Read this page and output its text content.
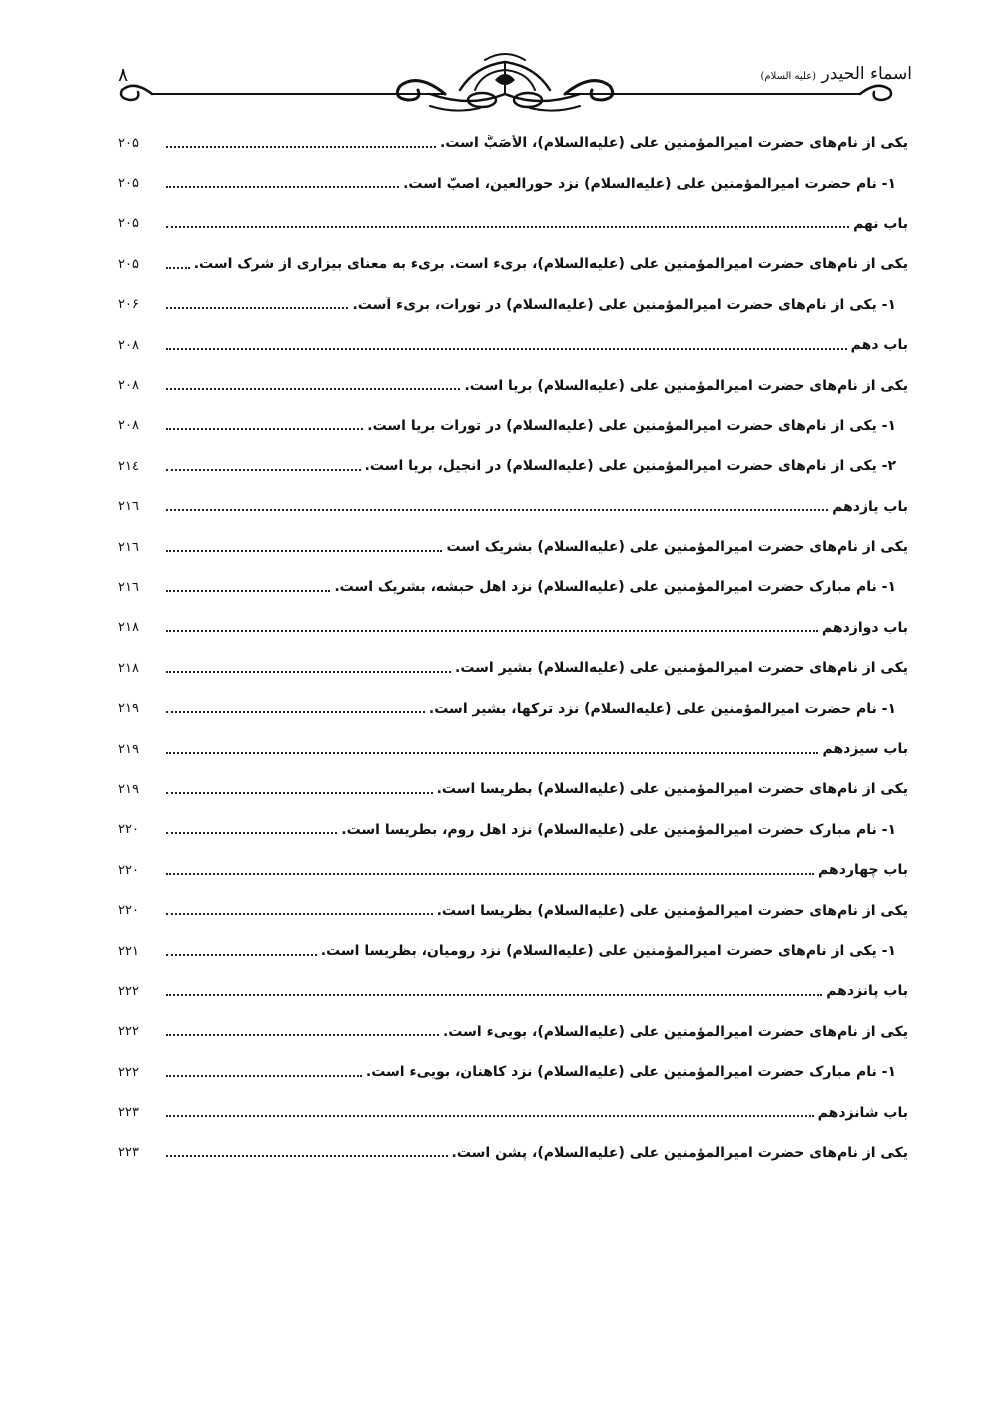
۸	اسماء الحیدر (علیه السلام)
۲۰۵	یکی از نام‌های حضرت امیرالمؤمنین علی (علیه‌السلام)، الأصَبُّ است.
۲۰۵	۱- نام حضرت امیرالمؤمنین علی (علیه‌السلام) نزد حورالعین، اصبّ است.
۲۰۵	باب نهم
۲۰۵	یکی از نام‌های حضرت امیرالمؤمنین علی (علیه‌السلام)، بریء است. بریء به معنای بیزاری از شرک است.
۲۰۶	۱- یکی از نام‌های حضرت امیرالمؤمنین علی (علیه‌السلام) در تورات، بریء آست.
۲۰۸	باب دهم
۲۰۸	یکی از نام‌های حضرت امیرالمؤمنین علی (علیه‌السلام) بریا است.
۲۰۸	۱- یکی از نام‌های حضرت امیرالمؤمنین علی (علیه‌السلام) در تورات بریا است.
۲۱٤	۲- یکی از نام‌های حضرت امیرالمؤمنین علی (علیه‌السلام) در انجیل، بریا است.
۲۱٦	باب یازدهم
۲۱٦	یکی از نام‌های حضرت امیرالمؤمنین علی (علیه‌السلام) بشریک است
۲۱٦	۱- نام مبارک حضرت امیرالمؤمنین علی (علیه‌السلام) نزد اهل حبشه، بشریک است.
۲۱۸	باب دوازدهم
۲۱۸	یکی از نام‌های حضرت امیرالمؤمنین علی (علیه‌السلام) بشیر است.
۲۱۹	۱- نام حضرت امیرالمؤمنین علی (علیه‌السلام) نزد ترکها، بشیر است.
۲۱۹	باب سیزدهم
۲۱۹	یکی از نام‌های حضرت امیرالمؤمنین علی (علیه‌السلام) بطریسا است.
۲۲۰	۱- نام مبارک حضرت امیرالمؤمنین علی (علیه‌السلام) نزد اهل روم، بطریسا است.
۲۲۰	باب چهاردهم
۲۲۰	یکی از نام‌های حضرت امیرالمؤمنین علی (علیه‌السلام) بظریسا است.
۲۲۱	۱- یکی از نام‌های حضرت امیرالمؤمنین علی (علیه‌السلام) نزد رومیان، بظریسا است.
۲۲۲	باب پانزدهم
۲۲۲	یکی از نام‌های حضرت امیرالمؤمنین علی (علیه‌السلام)، بوییء است.
۲۲۲	۱- نام مبارک حضرت امیرالمؤمنین علی (علیه‌السلام) نزد کاهنان، بوییء است.
۲۲۳	باب شانزدهم
۲۲۳	یکی از نام‌های حضرت امیرالمؤمنین علی (علیه‌السلام)، پشن است.
